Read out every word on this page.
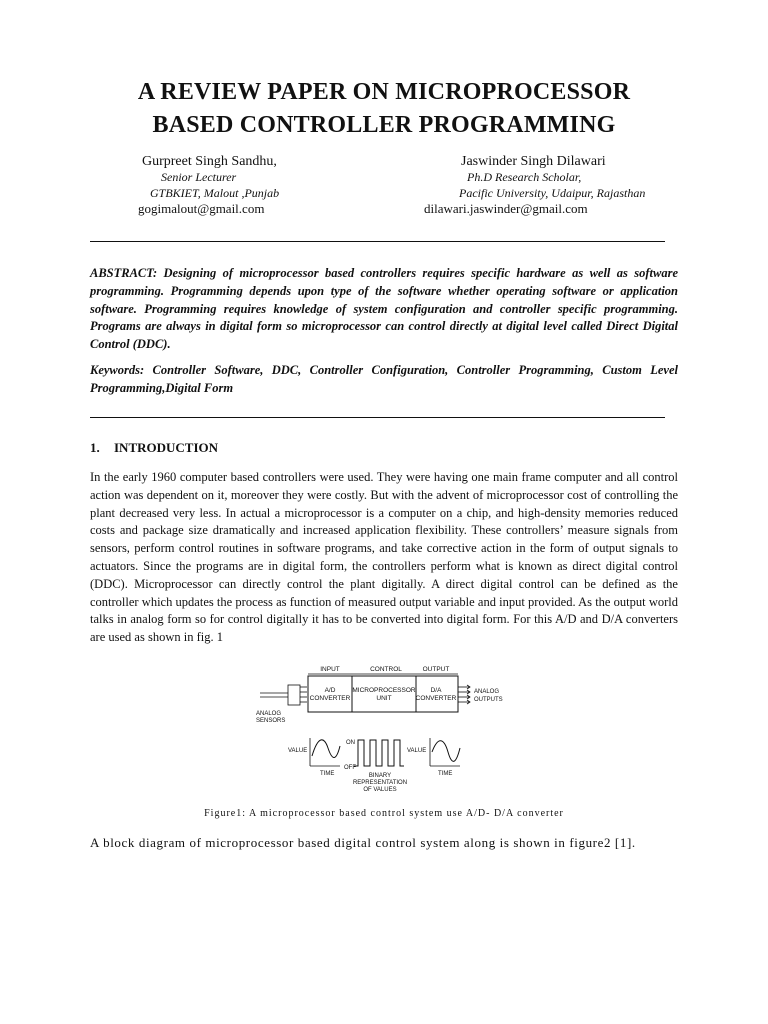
A REVIEW PAPER ON MICROPROCESSOR
BASED CONTROLLER PROGRAMMING
Gurpreet Singh Sandhu,
Senior Lecturer
GTBKIET, Malout ,Punjab
gogimalout@gmail.com
Jaswinder Singh Dilawari
Ph.D Research Scholar,
Pacific University, Udaipur, Rajasthan
dilawari.jaswinder@gmail.com
ABSTRACT: Designing of microprocessor based controllers requires specific hardware as well as software programming. Programming depends upon type of the software whether operating software or application software. Programming requires knowledge of system configuration and controller specific programming. Programs are always in digital form so microprocessor can control directly at digital level called Direct Digital Control (DDC).
Keywords: Controller Software, DDC, Controller Configuration, Controller Programming, Custom Level Programming,Digital Form
1. INTRODUCTION
In the early 1960 computer based controllers were used. They were having one main frame computer and all control action was dependent on it, moreover they were costly. But with the advent of microprocessor cost of controlling the plant decreased very less. In actual a microprocessor is a computer on a chip, and high-density memories reduced costs and package size dramatically and increased application flexibility. These controllers’ measure signals from sensors, perform control routines in software programs, and take corrective action in the form of output signals to actuators. Since the programs are in digital form, the controllers perform what is known as direct digital control (DDC). Microprocessor can directly control the plant digitally. A direct digital control can be defined as the controller which updates the process as function of measured output variable and input provided. As the output world talks in analog form so for control digitally it has to be converted into digital form. For this A/D and D/A converters are used as shown in fig. 1
INPUT	CONTROL	OUTPUT
A/D
CONVERTER
MICROPROCESSOR
UNIT
D/A
CONVERTER
ANALOG
SENSORS
ANALOG
OUTPUTS
VALUE
TIME
ON
OFF
BINARY
REPRESENTATION
OF VALUES
VALUE
TIME
Figure1: A microprocessor based control system use A/D- D/A converter
A block diagram of microprocessor based digital control system along is shown in figure2 [1].
